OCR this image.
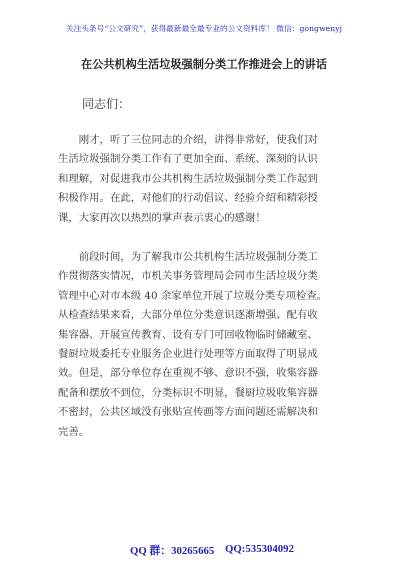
关注头条号“公文研究”，获得最新最全最专业的公文资料库！ 微信：gongwenyj
在公共机构生活垃圾强制分类工作推进会上的讲话
同志们：
　　刚才，听了三位同志的介绍，讲得非常好，使我们对
生活垃圾强制分类工作有了更加全面、系统、深刻的认识
和理解，对促进我市公共机构生活垃圾强制分类工作起到
积极作用。在此，对他们的行动倡议、经验介绍和精彩授
课，大家再次以热烈的掌声表示衷心的感谢！
　　前段时间，为了解我市公共机构生活垃圾强制分类工
作贯彻落实情况，市机关事务管理局会同市生活垃圾分类
管理中心对市本级 40 余家单位开展了垃圾分类专项检查。
从检查结果来看，大部分单位分类意识逐渐增强、配有收
集容器、开展宣传教育、设有专门可回收物临时储藏室、
餐厨垃圾委托专业服务企业进行处理等方面取得了明显成
效。但是，部分单位存在重视不够、意识不强，收集容器
配备和摆放不到位，分类标识不明显，餐厨垃圾收集容器
不密封，公共区域没有张贴宣传画等方面问题还需解决和
完善。
QQ 群：30265665 QQ:535304092
